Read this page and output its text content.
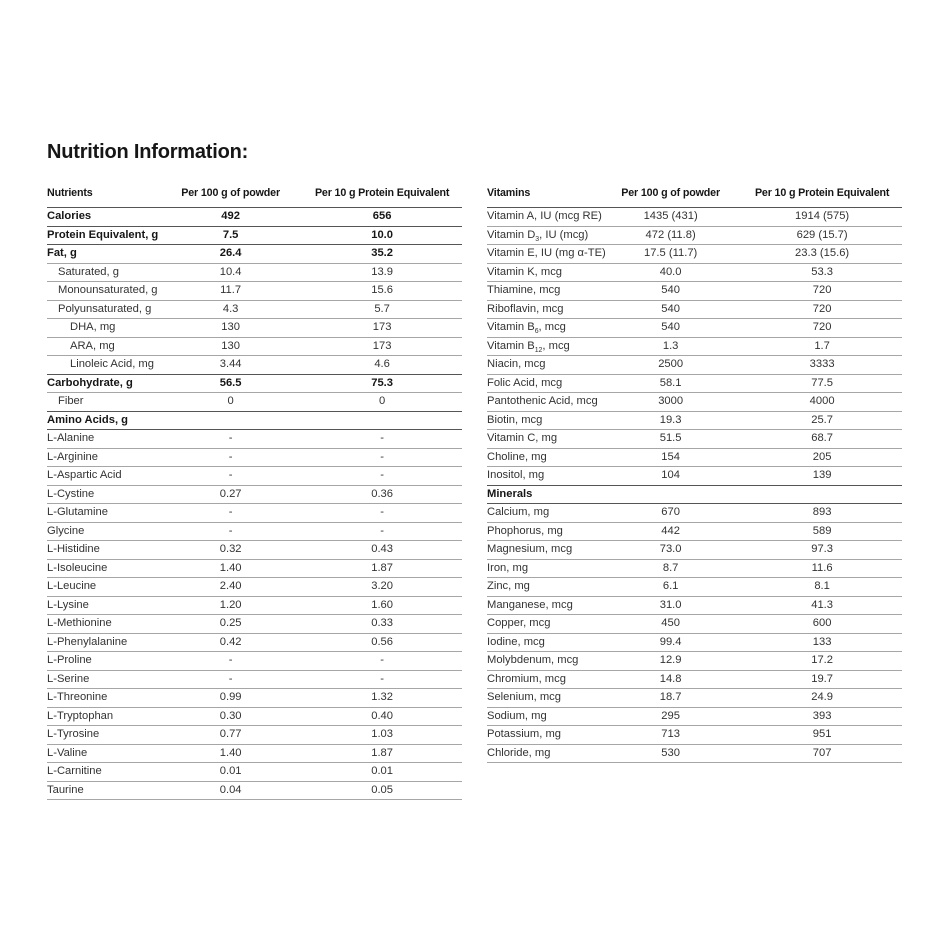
Nutrition Information:
Nutrients	Per 100 g of powder	Per 10 g Protein Equivalent
Calories	492	656
Protein Equivalent, g	7.5	10.0
Fat, g	26.4	35.2
Saturated, g	10.4	13.9
Monounsaturated, g	11.7	15.6
Polyunsaturated, g	4.3	5.7
DHA, mg	130	173
ARA, mg	130	173
Linoleic Acid, mg	3.44	4.6
Carbohydrate, g	56.5	75.3
Fiber	0	0
Amino Acids, g		
L-Alanine	-	-
L-Arginine	-	-
L-Aspartic Acid	-	-
L-Cystine	0.27	0.36
L-Glutamine	-	-
Glycine	-	-
L-Histidine	0.32	0.43
L-Isoleucine	1.40	1.87
L-Leucine	2.40	3.20
L-Lysine	1.20	1.60
L-Methionine	0.25	0.33
L-Phenylalanine	0.42	0.56
L-Proline	-	-
L-Serine	-	-
L-Threonine	0.99	1.32
L-Tryptophan	0.30	0.40
L-Tyrosine	0.77	1.03
L-Valine	1.40	1.87
L-Carnitine	0.01	0.01
Taurine	0.04	0.05
Vitamins	Per 100 g of powder	Per 10 g Protein Equivalent
Vitamin A, IU (mcg RE)	1435 (431)	1914 (575)
Vitamin $D_3$, IU (mcg)	472 (11.8)	629 (15.7)
Vitamin E, IU (mg α-TE)	17.5 (11.7)	23.3 (15.6)
Vitamin K, mcg	40.0	53.3
Thiamine, mcg	540	720
Riboflavin, mcg	540	720
Vitamin $B_6$, mcg	540	720
Vitamin $B_{12}$, mcg	1.3	1.7
Niacin, mcg	2500	3333
Folic Acid, mcg	58.1	77.5
Pantothenic Acid, mcg	3000	4000
Biotin, mcg	19.3	25.7
Vitamin C, mg	51.5	68.7
Choline, mg	154	205
Inositol, mg	104	139
Minerals		
Calcium, mg	670	893
Phophorus, mg	442	589
Magnesium, mcg	73.0	97.3
Iron, mg	8.7	11.6
Zinc, mg	6.1	8.1
Manganese, mcg	31.0	41.3
Copper, mcg	450	600
Iodine, mcg	99.4	133
Molybdenum, mcg	12.9	17.2
Chromium, mcg	14.8	19.7
Selenium, mcg	18.7	24.9
Sodium, mg	295	393
Potassium, mg	713	951
Chloride, mg	530	707
